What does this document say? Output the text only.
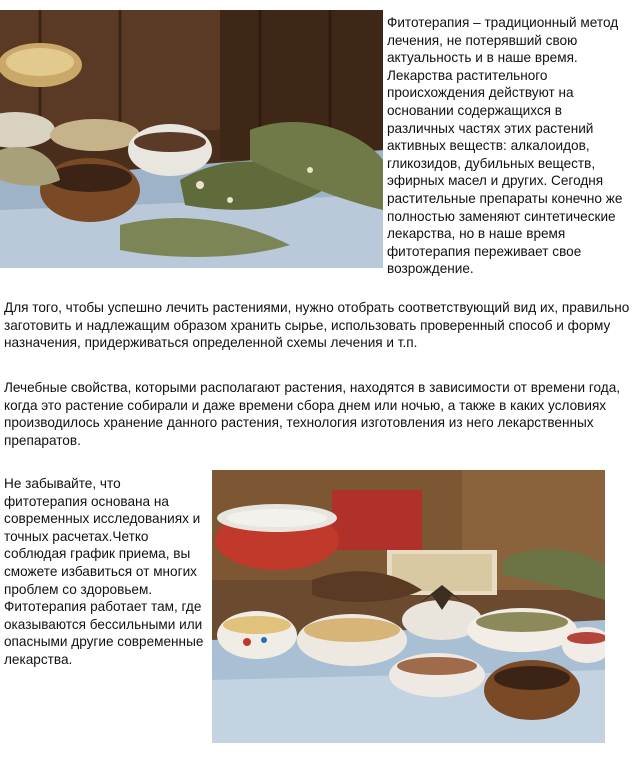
Фитотерапия – традиционный метод лечения, не потерявший свою актуальность и в наше время. Лекарства растительного происхождения действуют на основании содержащихся в различных частях этих растений активных веществ: алкалоидов, гликозидов, дубильных веществ, эфирных масел и других. Сегодня растительные препараты конечно же полностью заменяют синтетические лекарства, но в наше время фитотерапия переживает свое возрождение.

Для того, чтобы успешно лечить растениями, нужно отобрать соответствующий вид их, правильно заготовить и надлежащим образом хранить сырье, использовать проверенный способ и форму назначения, придерживаться определенной схемы лечения и т.п.

Лечебные свойства, которыми располагают растения, находятся в зависимости от времени года, когда это растение собирали и даже времени сбора днем или ночью, а также в каких условиях производилось хранение данного растения, технология изготовления из него лекарственных препаратов.

Не забывайте, что фитотерапия основана на современных исследованиях и точных расчетах.Четко соблюдая график приема, вы сможете избавиться от многих проблем со здоровьем. Фитотерапия работает там, где оказываются бессильными или опасными другие современные лекарства.
